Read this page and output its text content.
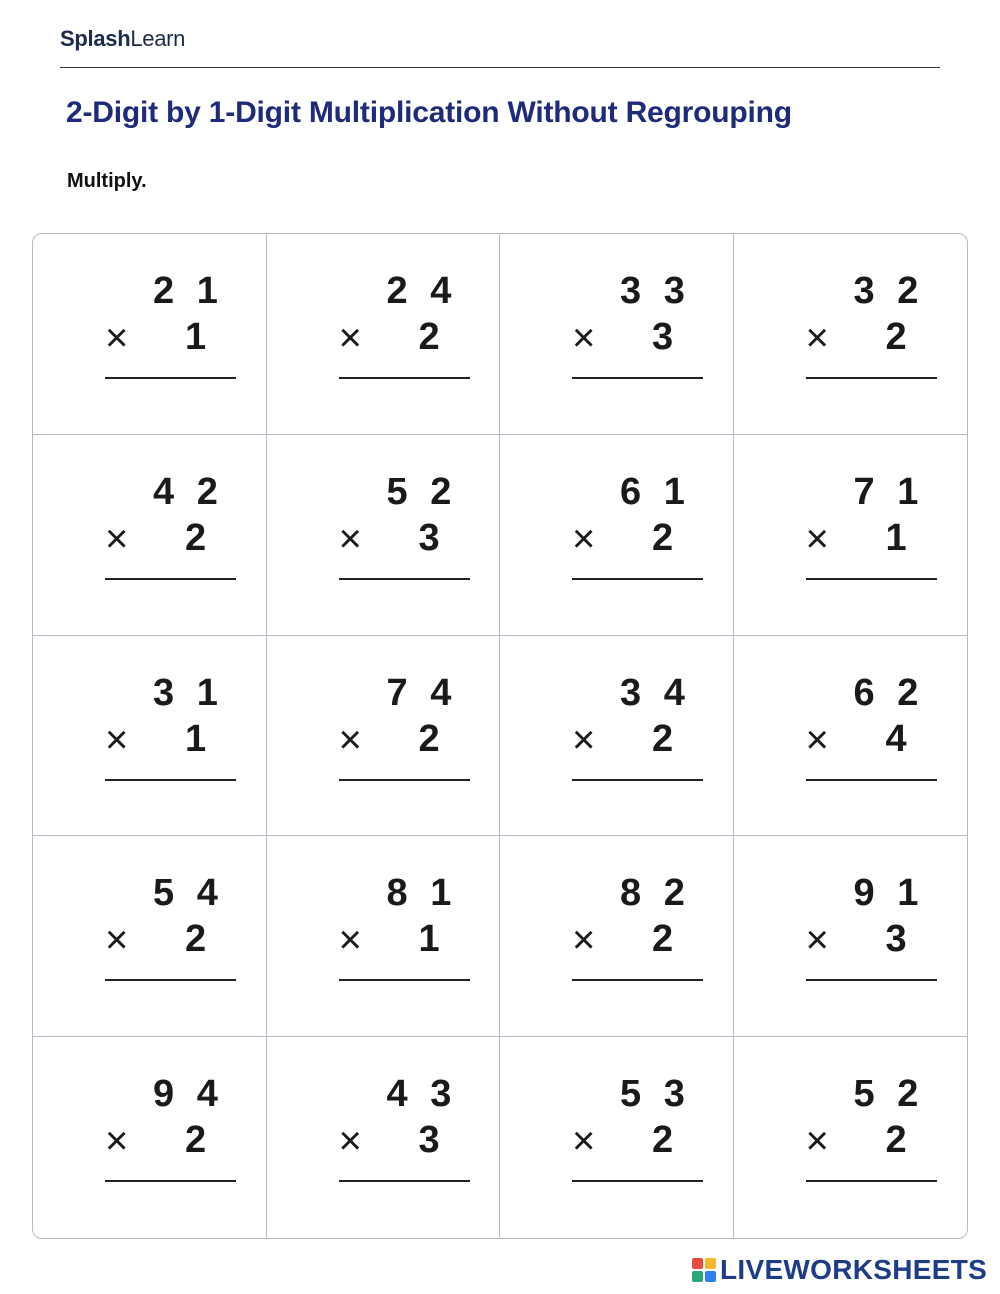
SplashLearn
2-Digit by 1-Digit Multiplication Without Regrouping
Multiply.
2 1
× 1
2 4
× 2
3 3
× 3
3 2
× 2
4 2
× 2
5 2
× 3
6 1
× 2
7 1
× 1
3 1
× 1
7 4
× 2
3 4
× 2
6 2
× 4
5 4
× 2
8 1
× 1
8 2
× 2
9 1
× 3
9 4
× 2
4 3
× 3
5 3
× 2
5 2
× 2
LIVEWORKSHEETS
